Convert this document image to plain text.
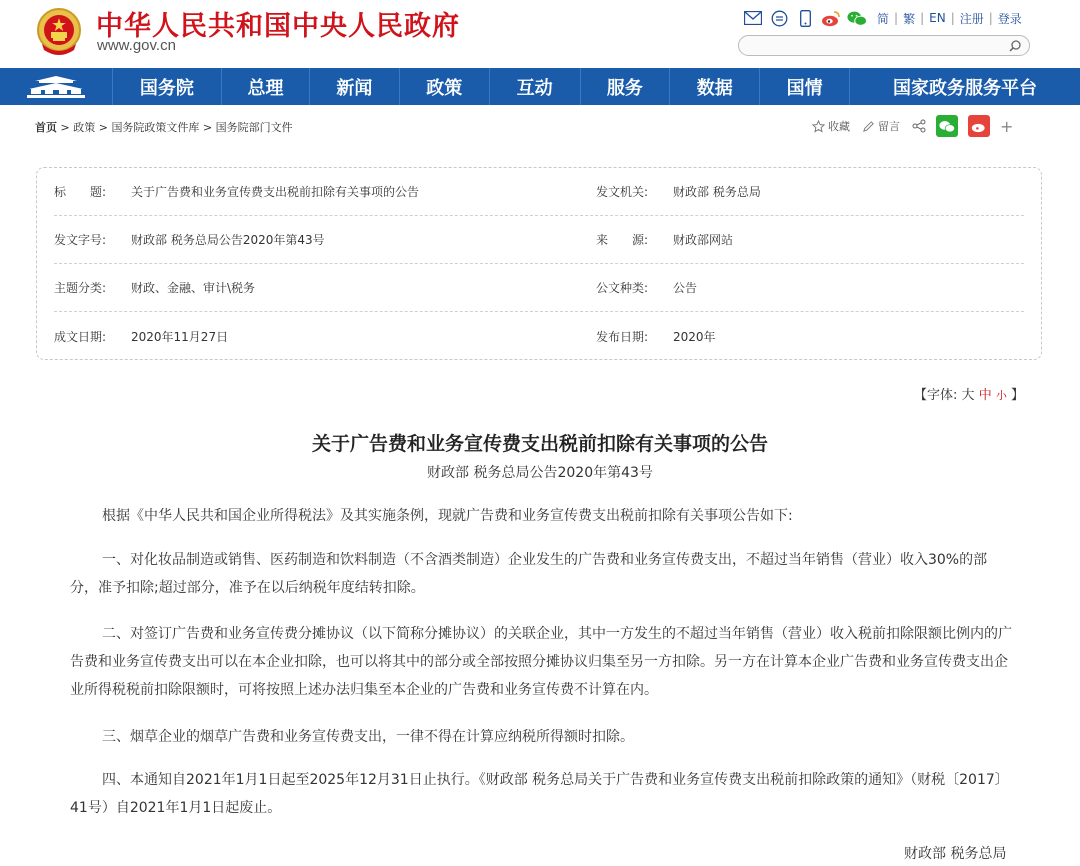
中华人民共和国中央人民政府
www.gov.cn
简 | 繁 | EN | 注册 | 登录
国务院	总理	新闻	政策	互动	服务	数据	国情	国家政务服务平台
首页 > 政策 > 国务院政策文件库 > 国务院部门文件	收藏	留言	+
标　　题:	关于广告费和业务宣传费支出税前扣除有关事项的公告	发文机关:	财政部 税务总局
发文字号:	财政部 税务总局公告2020年第43号	来　　源:	财政部网站
主题分类:	财政、金融、审计\税务	公文种类:	公告
成文日期:	2020年11月27日	发布日期:	2020年
【字体: 大 中 小 】
关于广告费和业务宣传费支出税前扣除有关事项的公告
财政部 税务总局公告2020年第43号

根据《中华人民共和国企业所得税法》及其实施条例，现就广告费和业务宣传费支出税前扣除有关事项公告如下:

一、对化妆品制造或销售、医药制造和饮料制造（不含酒类制造）企业发生的广告费和业务宣传费支出，不超过当年销售（营业）收入30%的部分，准予扣除;超过部分，准予在以后纳税年度结转扣除。

二、对签订广告费和业务宣传费分摊协议（以下简称分摊协议）的关联企业，其中一方发生的不超过当年销售（营业）收入税前扣除限额比例内的广告费和业务宣传费支出可以在本企业扣除，也可以将其中的部分或全部按照分摊协议归集至另一方扣除。另一方在计算本企业广告费和业务宣传费支出企业所得税税前扣除限额时，可将按照上述办法归集至本企业的广告费和业务宣传费不计算在内。

三、烟草企业的烟草广告费和业务宣传费支出，一律不得在计算应纳税所得额时扣除。

四、本通知自2021年1月1日起至2025年12月31日止执行。《财政部 税务总局关于广告费和业务宣传费支出税前扣除政策的通知》（财税〔2017〕41号）自2021年1月1日起废止。

财政部 税务总局
